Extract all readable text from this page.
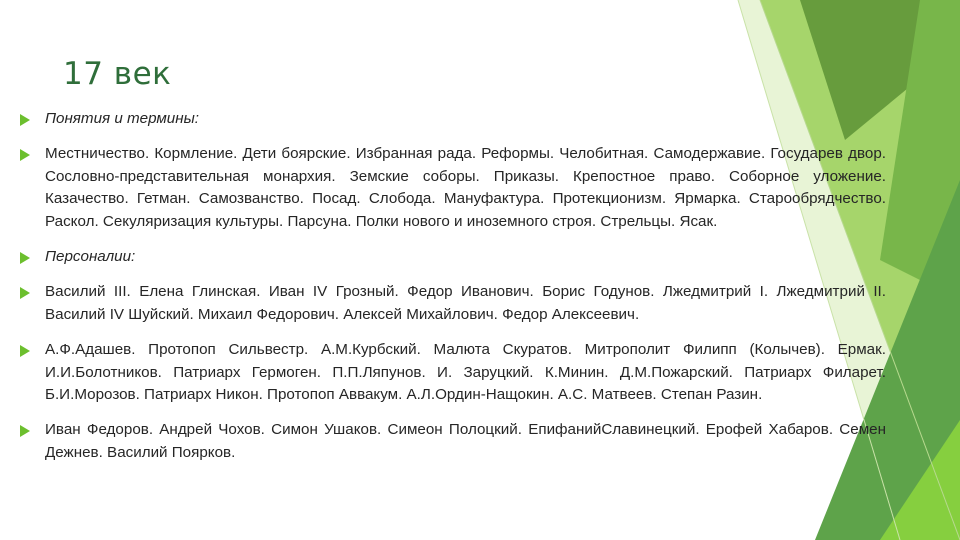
17 век
Понятия и термины:
Местничество. Кормление. Дети боярские. Избранная рада. Реформы. Челобитная. Самодержавие. Государев двор. Сословно-представительная монархия. Земские соборы. Приказы. Крепостное право. Соборное уложение. Казачество. Гетман. Самозванство. Посад. Слобода. Мануфактура. Протекционизм. Ярмарка. Старообрядчество. Раскол. Секуляризация культуры. Парсуна. Полки нового и иноземного строя. Стрельцы. Ясак.
Персоналии:
Василий III. Елена Глинская. Иван IV Грозный. Федор Иванович. Борис Годунов. Лжедмитрий I. Лжедмитрий II. Василий IV Шуйский. Михаил Федорович. Алексей Михайлович. Федор Алексеевич.
А.Ф.Адашев. Протопоп Сильвестр. А.М.Курбский. Малюта Скуратов. Митрополит Филипп (Колычев). Ермак. И.И.Болотников. Патриарх Гермоген. П.П.Ляпунов. И. Заруцкий. К.Минин. Д.М.Пожарский. Патриарх Филарет. Б.И.Морозов. Патриарх Никон. Протопоп Аввакум. А.Л.Ордин-Нащокин. А.С. Матвеев. Степан Разин.
Иван Федоров. Андрей Чохов. Симон Ушаков. Симеон Полоцкий. ЕпифанийСлавинецкий. Ерофей Хабаров. Семен Дежнев. Василий Поярков.
